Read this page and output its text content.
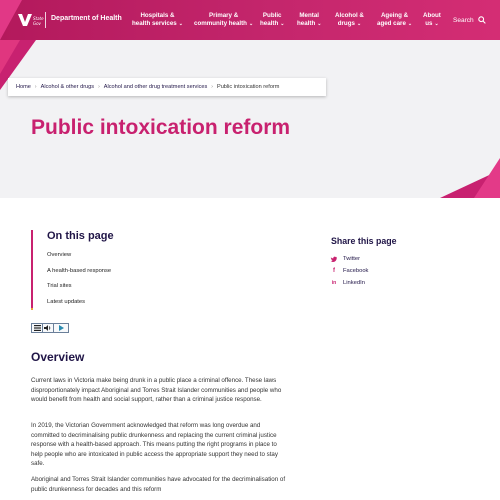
State
Gov
Department of Health	Hospitals &
health services ⌄
Primary &
community health ⌄
Public
health ⌄
Mental
health ⌄
Alcohol &
drugs ⌄
Ageing &
aged care ⌄
About
us ⌄	Search
Home › Alcohol & other drugs › Alcohol and other drug treatment services › Public intoxication reform
Public intoxication reform
On this page
Overview
A health-based response
Trial sites
Latest updates
Share this page
Twitter
f	Facebook
in LinkedIn
Overview
Current laws in Victoria make being drunk in a public place a criminal offence. These laws disproportionately impact Aboriginal and Torres Strait Islander communities and people who would benefit from health and social support, rather than a criminal justice response.
In 2019, the Victorian Government acknowledged that reform was long overdue and committed to decriminalising public drunkenness and replacing the current criminal justice response with a health-based approach. This means putting the right programs in place to help people who are intoxicated in public access the appropriate support they need to stay safe.
Aboriginal and Torres Strait Islander communities have advocated for the decriminalisation of public drunkenness for decades and this reform
